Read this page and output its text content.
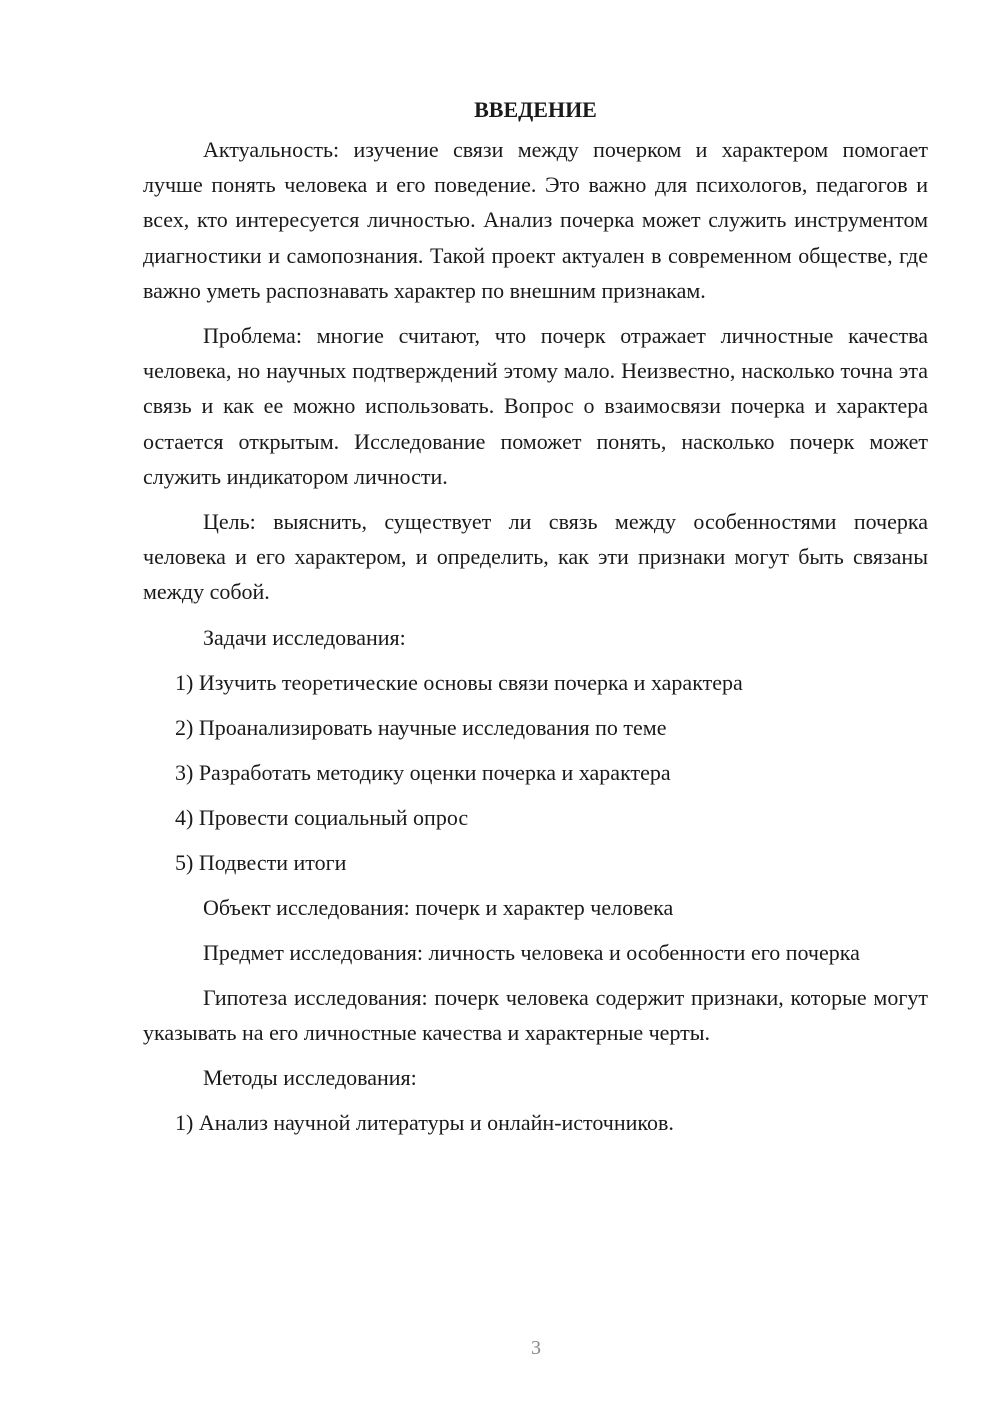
ВВЕДЕНИЕ

Актуальность: изучение связи между почерком и характером помогает лучше понять человека и его поведение. Это важно для психологов, педагогов и всех, кто интересуется личностью. Анализ почерка может служить инструментом диагностики и самопознания. Такой проект актуален в современном обществе, где важно уметь распознавать характер по внешним признакам.

Проблема: многие считают, что почерк отражает личностные качества человека, но научных подтверждений этому мало. Неизвестно, насколько точна эта связь и как ее можно использовать. Вопрос о взаимосвязи почерка и характера остается открытым. Исследование поможет понять, насколько почерк может служить индикатором личности.

Цель: выяснить, существует ли связь между особенностями почерка человека и его характером, и определить, как эти признаки могут быть связаны между собой.

Задачи исследования:
1) Изучить теоретические основы связи почерка и характера
2) Проанализировать научные исследования по теме
3) Разработать методику оценки почерка и характера
4) Провести социальный опрос
5) Подвести итоги
Объект исследования: почерк и характер человека

Предмет исследования: личность человека и особенности его почерка

Гипотеза исследования: почерк человека содержит признаки, которые могут указывать на его личностные качества и характерные черты.

Методы исследования:
1) Анализ научной литературы и онлайн-источников.
3
